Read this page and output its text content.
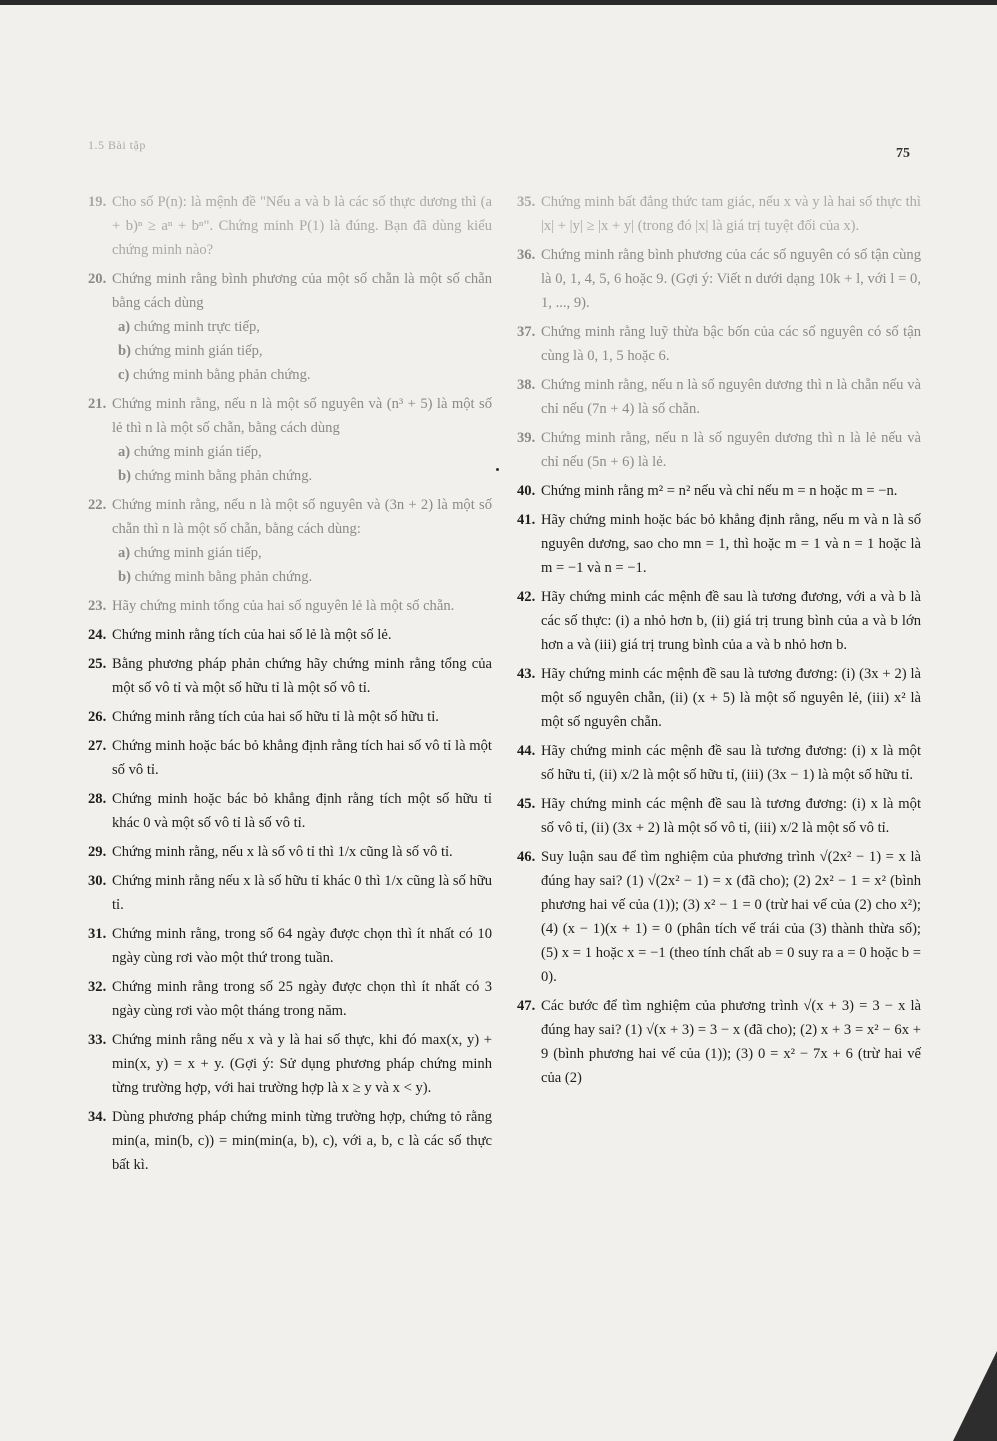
1.5 Bài tập
75
19. Cho số P(n): là mệnh đề "Nếu a và b là các số thực dương thì (a + b)ⁿ ≥ aⁿ + bⁿ". Chứng minh P(1) là đúng. Bạn đã dùng kiểu chứng minh nào?
20. Chứng minh rằng bình phương của một số chẵn là một số chẵn bằng cách dùng
a) chứng minh trực tiếp,
b) chứng minh gián tiếp,
c) chứng minh bằng phản chứng.
21. Chứng minh rằng, nếu n là một số nguyên và (n³ + 5) là một số lẻ thì n là một số chẵn, bằng cách dùng
a) chứng minh gián tiếp,
b) chứng minh bằng phản chứng.
22. Chứng minh rằng, nếu n là một số nguyên và (3n + 2) là một số chẵn thì n là một số chẵn, bằng cách dùng:
a) chứng minh gián tiếp,
b) chứng minh bằng phản chứng.
23. Hãy chứng minh tổng của hai số nguyên lẻ là một số chẵn.
24. Chứng minh rằng tích của hai số lẻ là một số lẻ.
25. Bằng phương pháp phản chứng hãy chứng minh rằng tổng của một số vô tỉ và một số hữu tỉ là một số vô tỉ.
26. Chứng minh rằng tích của hai số hữu tỉ là một số hữu tỉ.
27. Chứng minh hoặc bác bỏ khẳng định rằng tích hai số vô tỉ là một số vô tỉ.
28. Chứng minh hoặc bác bỏ khẳng định rằng tích một số hữu tỉ khác 0 và một số vô tỉ là số vô tỉ.
29. Chứng minh rằng, nếu x là số vô tỉ thì 1/x cũng là số vô tỉ.
30. Chứng minh rằng nếu x là số hữu tỉ khác 0 thì 1/x cũng là số hữu tỉ.
31. Chứng minh rằng, trong số 64 ngày được chọn thì ít nhất có 10 ngày cùng rơi vào một thứ trong tuần.
32. Chứng minh rằng trong số 25 ngày được chọn thì ít nhất có 3 ngày cùng rơi vào một tháng trong năm.
33. Chứng minh rằng nếu x và y là hai số thực, khi đó max(x, y) + min(x, y) = x + y. (Gợi ý: Sử dụng phương pháp chứng minh từng trường hợp, với hai trường hợp là x ≥ y và x < y).
34. Dùng phương pháp chứng minh từng trường hợp, chứng tỏ rằng min(a, min(b, c)) = min(min(a, b), c), với a, b, c là các số thực bất kì.
35. Chứng minh bất đẳng thức tam giác, nếu x và y là hai số thực thì |x| + |y| ≥ |x + y| (trong đó |x| là giá trị tuyệt đối của x).
36. Chứng minh rằng bình phương của các số nguyên có số tận cùng là 0, 1, 4, 5, 6 hoặc 9. (Gợi ý: Viết n dưới dạng 10k + l, với l = 0, 1, ..., 9).
37. Chứng minh rằng luỹ thừa bậc bốn của các số nguyên có số tận cùng là 0, 1, 5 hoặc 6.
38. Chứng minh rằng, nếu n là số nguyên dương thì n là chẵn nếu và chỉ nếu (7n + 4) là số chẵn.
39. Chứng minh rằng, nếu n là số nguyên dương thì n là lẻ nếu và chỉ nếu (5n + 6) là lẻ.
40. Chứng minh rằng m² = n² nếu và chỉ nếu m = n hoặc m = −n.
41. Hãy chứng minh hoặc bác bỏ khẳng định rằng, nếu m và n là số nguyên dương, sao cho mn = 1, thì hoặc m = 1 và n = 1 hoặc là m = −1 và n = −1.
42. Hãy chứng minh các mệnh đề sau là tương đương, với a và b là các số thực: (i) a nhỏ hơn b, (ii) giá trị trung bình của a và b lớn hơn a và (iii) giá trị trung bình của a và b nhỏ hơn b.
43. Hãy chứng minh các mệnh đề sau là tương đương: (i) (3x + 2) là một số nguyên chẵn, (ii) (x + 5) là một số nguyên lẻ, (iii) x² là một số nguyên chẵn.
44. Hãy chứng minh các mệnh đề sau là tương đương: (i) x là một số hữu tỉ, (ii) x/2 là một số hữu tỉ, (iii) (3x − 1) là một số hữu tỉ.
45. Hãy chứng minh các mệnh đề sau là tương đương: (i) x là một số vô tỉ, (ii) (3x + 2) là một số vô tỉ, (iii) x/2 là một số vô tỉ.
46. Suy luận sau để tìm nghiệm của phương trình √(2x² − 1) = x là đúng hay sai? (1) √(2x² − 1) = x (đã cho); (2) 2x² − 1 = x² (bình phương hai vế của (1)); (3) x² − 1 = 0 (trừ hai vế của (2) cho x²); (4) (x − 1)(x + 1) = 0 (phân tích vế trái của (3) thành thừa số); (5) x = 1 hoặc x = −1 (theo tính chất ab = 0 suy ra a = 0 hoặc b = 0).
47. Các bước để tìm nghiệm của phương trình √(x + 3) = 3 − x là đúng hay sai? (1) √(x + 3) = 3 − x (đã cho); (2) x + 3 = x² − 6x + 9 (bình phương hai vế của (1)); (3) 0 = x² − 7x + 6 (trừ hai vế của (2)
